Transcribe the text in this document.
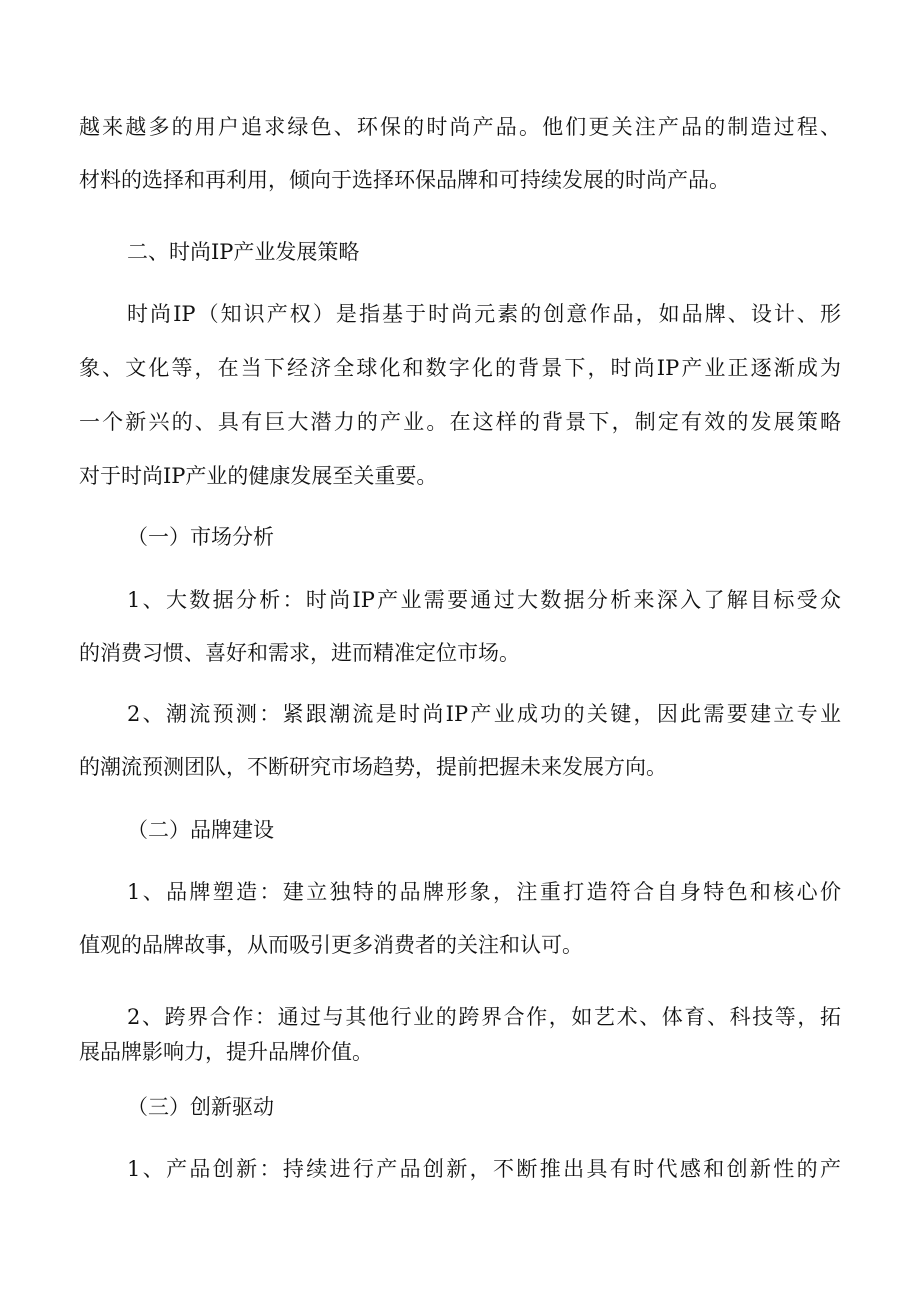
越来越多的用户追求绿色、环保的时尚产品。他们更关注产品的制造过程、
材料的选择和再利用，倾向于选择环保品牌和可持续发展的时尚产品。
二、时尚IP产业发展策略
时尚IP（知识产权）是指基于时尚元素的创意作品，如品牌、设计、形
象、文化等，在当下经济全球化和数字化的背景下，时尚IP产业正逐渐成为
一个新兴的、具有巨大潜力的产业。在这样的背景下，制定有效的发展策略
对于时尚IP产业的健康发展至关重要。
（一）市场分析
1、大数据分析：时尚IP产业需要通过大数据分析来深入了解目标受众
的消费习惯、喜好和需求，进而精准定位市场。
2、潮流预测：紧跟潮流是时尚IP产业成功的关键，因此需要建立专业
的潮流预测团队，不断研究市场趋势，提前把握未来发展方向。
（二）品牌建设
1、品牌塑造：建立独特的品牌形象，注重打造符合自身特色和核心价
值观的品牌故事，从而吸引更多消费者的关注和认可。
2、跨界合作：通过与其他行业的跨界合作，如艺术、体育、科技等，拓
展品牌影响力，提升品牌价值。
（三）创新驱动
1、产品创新：持续进行产品创新，不断推出具有时代感和创新性的产
